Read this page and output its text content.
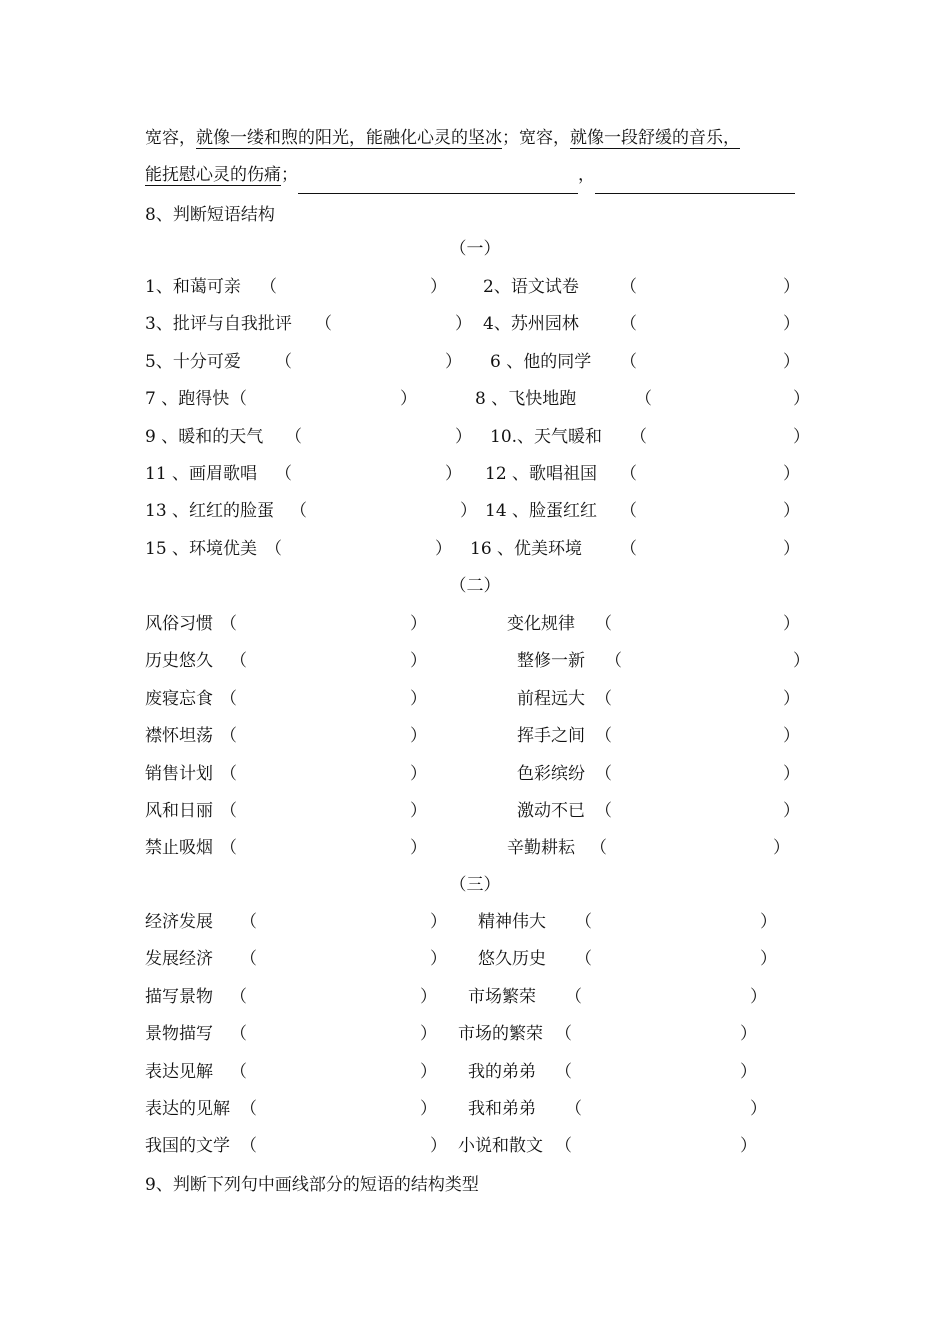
宽容，就像一缕和煦的阳光，能融化心灵的坚冰；宽容，就像一段舒缓的音乐，
能抚慰心灵的伤痛；	，
8、判断短语结构
（一）
1、和蔼可亲 （	） 2、语文试卷 （	）
3、批评与自我批评 （	） 4、苏州园林 （	）
5、十分可爱 （	） 6 、他的同学 （	）
7 、跑得快 （	）	8 、飞快地跑	（	）
9 、暖和的天气 （	） 10.、天气暖和 （	）
11 、画眉歌唱 （	） 12 、歌唱祖国 （	）
13 、红红的脸蛋 （	） 14 、脸蛋红红 （	）
15 、环境优美 （	） 16 、优美环境 （	）
（二）
风俗习惯 （	）	变化规律 （	）
历史悠久 （	）	整修一新 （	）
废寝忘食 （	）	前程远大 （	）
襟怀坦荡 （	）	挥手之间 （	）
销售计划 （	）	色彩缤纷 （	）
风和日丽 （	）	激动不已 （	）
禁止吸烟 （	）	辛勤耕耘 （	）
（三）
经济发展 （	） 精神伟大 （	）
发展经济 （	） 悠久历史 （	）
描写景物 （	） 市场繁荣 （	）
景物描写 （	） 市场的繁荣 （	）
表达见解 （	） 我的弟弟 （	）
表达的见解 （	） 我和弟弟 （	）
我国的文学 （	） 小说和散文 （	）
9、判断下列句中画线部分的短语的结构类型
